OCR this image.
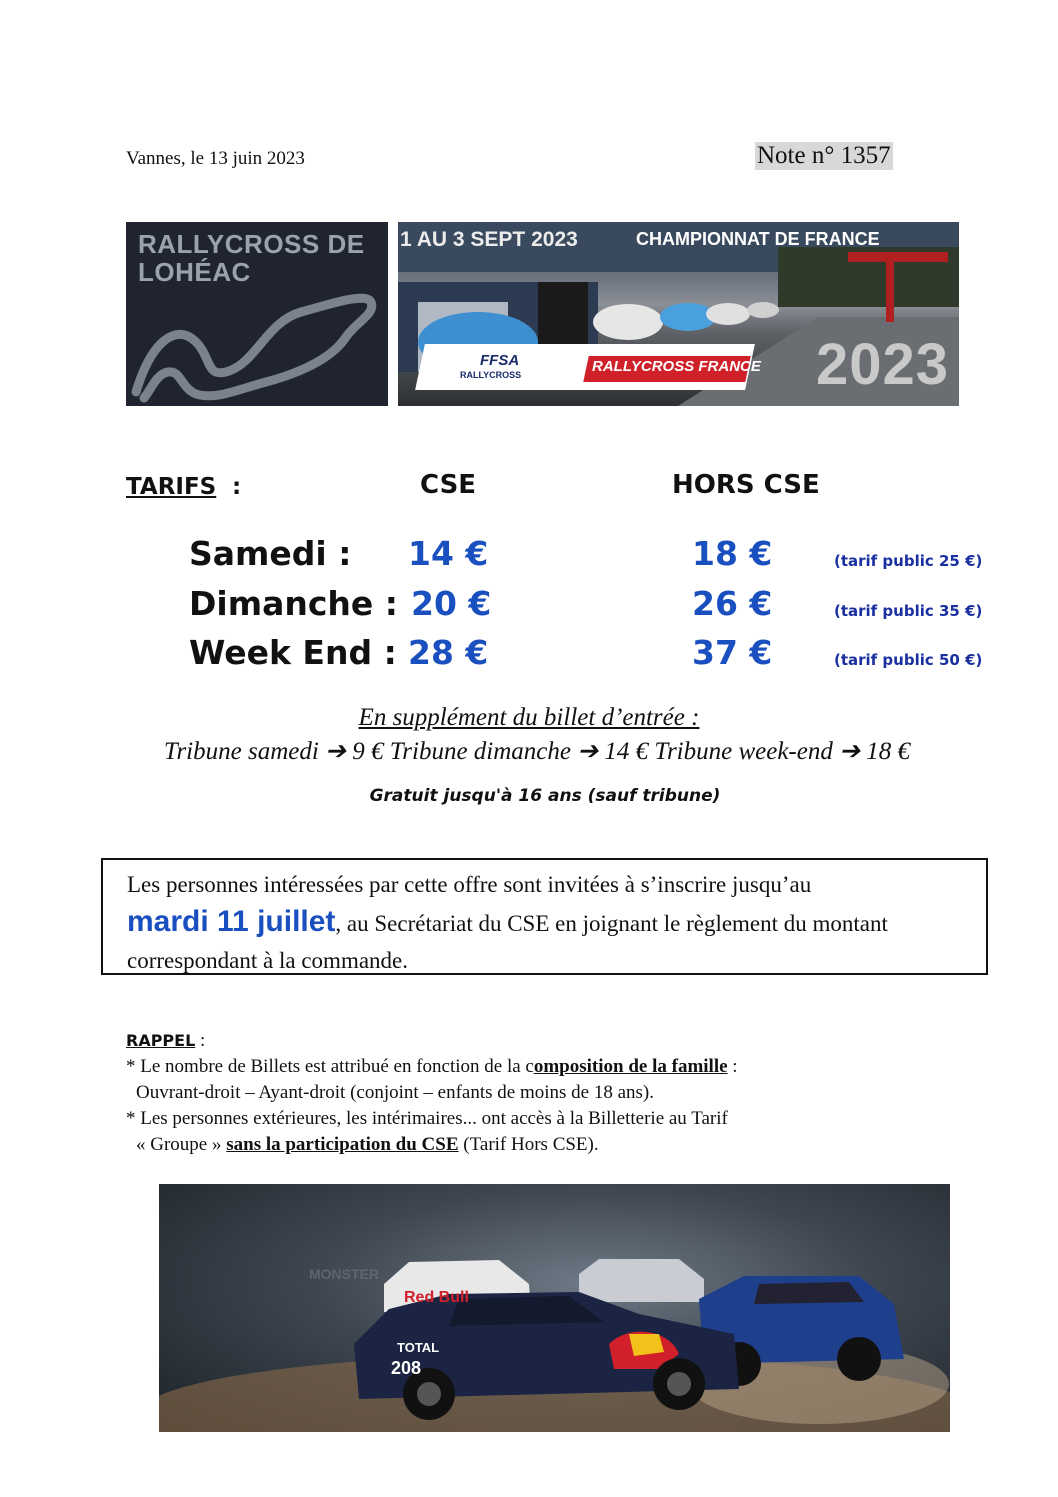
Vannes, le 13 juin 2023	Note n° 1357
RALLYCROSS DE
LOHÉAC
1 AU 3 SEPT 2023	CHAMPIONNAT DE FRANCE
FFSA
RALLYCROSS	RALLYCROSS FRANCE 2023
TARIFS :	CSE	HORS CSE
Samedi : 14 €	18 €	(tarif public 25 €)
Dimanche : 20 €	26 €	(tarif public 35 €)
Week End : 28 €	37 €	(tarif public 50 €)
En supplément du billet d’entrée :
Tribune samedi ➔ 9 € Tribune dimanche ➔ 14 € Tribune week-end ➔ 18 €
Gratuit jusqu'à 16 ans (sauf tribune)
Les personnes intéressées par cette offre sont invitées à s’inscrire jusqu’au
mardi 11 juillet, au Secrétariat du CSE en joignant le règlement du montant correspondant à la commande.
RAPPEL :
* Le nombre de Billets est attribué en fonction de la composition de la famille :
Ouvrant-droit – Ayant-droit (conjoint – enfants de moins de 18 ans).
* Les personnes extérieures, les intérimaires... ont accès à la Billetterie au Tarif
« Groupe » sans la participation du CSE (Tarif Hors CSE).
MONSTER
208
TOTAL
Red Bull
